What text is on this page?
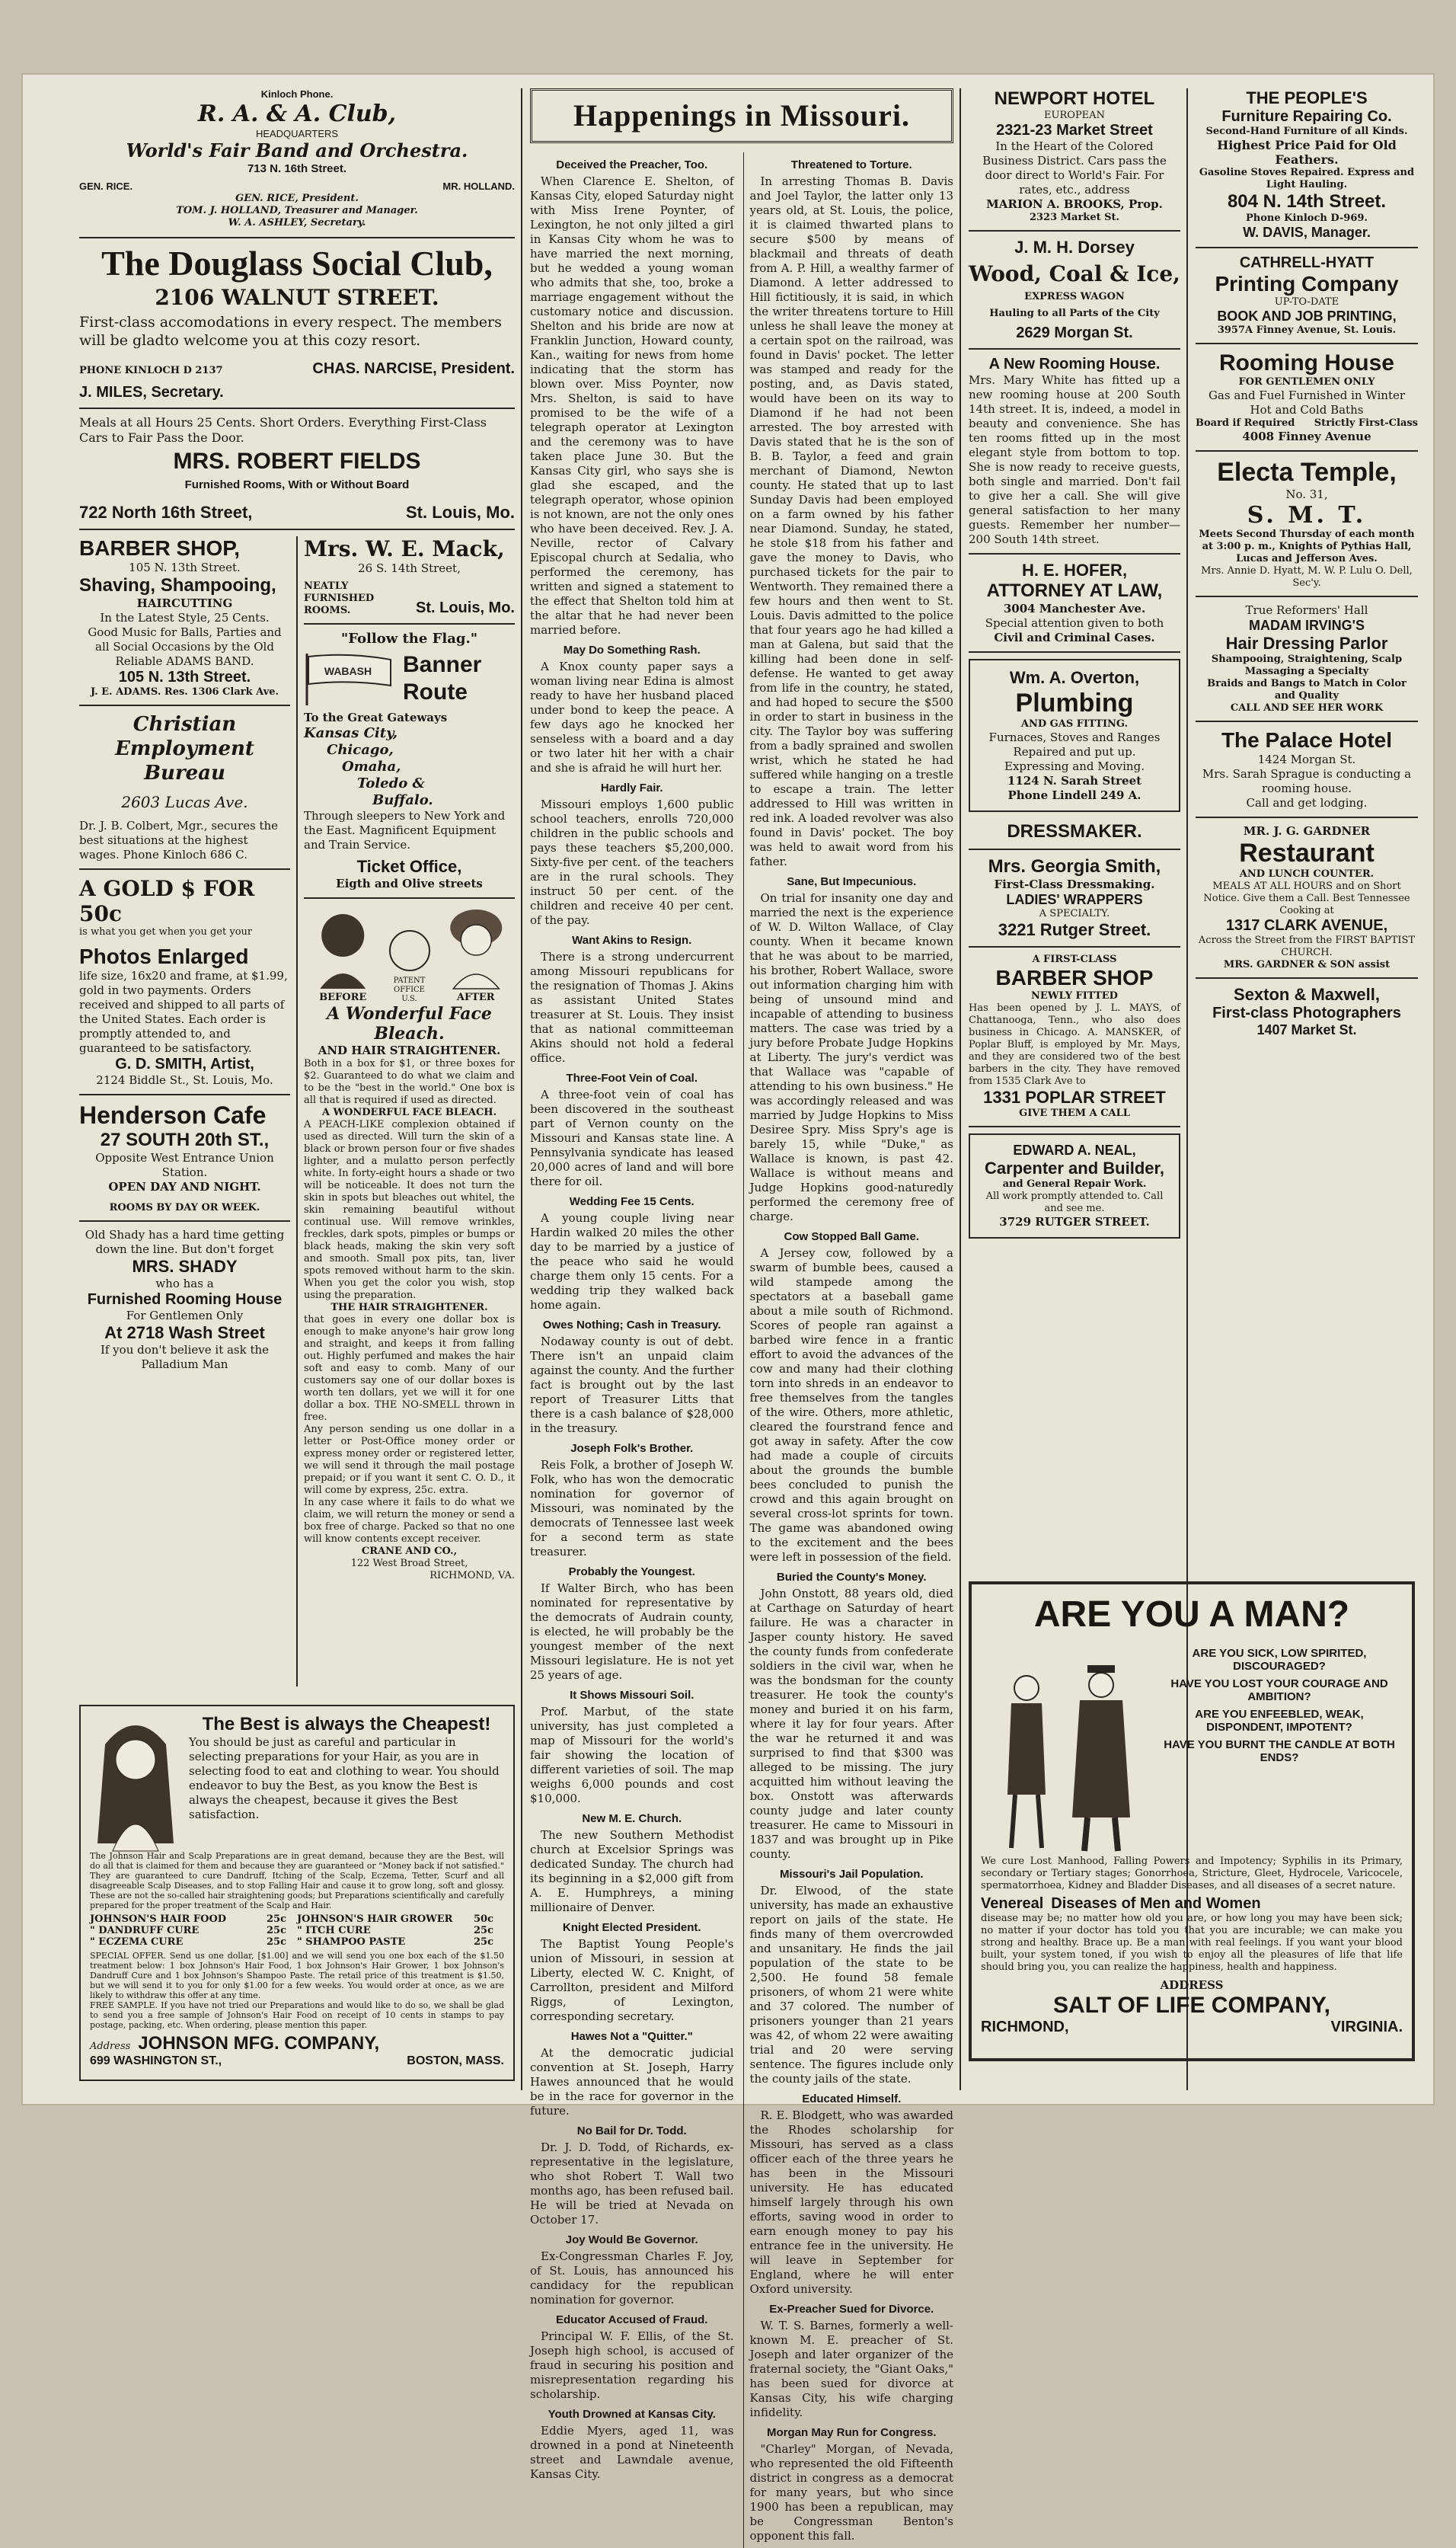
Kinloch Phone.
R. A. & A. Club,
HEADQUARTERS
World's Fair Band and Orchestra.
713 N. 16th Street.
GEN. RICE.	MR. HOLLAND.
GEN. RICE, President.
TOM. J. HOLLAND, Treasurer and Manager.
W. A. ASHLEY, Secretary.
The Douglass Social Club,
2106 WALNUT STREET.
First-class accomodations in every respect. The members will be gladto welcome you at this cozy resort.
PHONE KINLOCH D 2137	CHAS. NARCISE, President.
J. MILES, Secretary.
Meals at all Hours 25 Cents. Short Orders. Everything First-Class Cars to Fair Pass the Door.
MRS. ROBERT FIELDS
Furnished Rooms, With or Without Board
722 North 16th Street,	St. Louis, Mo.
BARBER SHOP,
105 N. 13th Street.
Shaving, Shampooing,
HAIRCUTTING
In the Latest Style, 25 Cents.
Good Music for Balls, Parties and all Social Occasions by the Old Reliable ADAMS BAND.
105 N. 13th Street.
J. E. ADAMS. Res. 1306 Clark Ave.
Christian Employment Bureau
2603 Lucas Ave.
Dr. J. B. Colbert, Mgr., secures the best situations at the highest wages. Phone Kinloch 686 C.
A GOLD $ FOR 50c
is what you get when you get your
Photos Enlarged
life size, 16x20 and frame, at $1.99, gold in two payments. Orders received and shipped to all parts of the United States. Each order is promptly attended to, and guaranteed to be satisfactory.
G. D. SMITH, Artist,
2124 Biddle St., St. Louis, Mo.
Henderson Cafe
27 SOUTH 20th ST.,
Opposite West Entrance Union Station.
OPEN DAY AND NIGHT.
ROOMS BY DAY OR WEEK.
Old Shady has a hard time getting down the line. But don't forget
MRS. SHADY
who has a
Furnished Rooming House
For Gentlemen Only
At 2718 Wash Street
If you don't believe it ask the Palladium Man
Mrs. W. E. Mack,
26 S. 14th Street,
NEATLY FURNISHED ROOMS.	St. Louis, Mo.
"Follow the Flag."
WABASH Banner Route
To the Great Gateways
Kansas City,
Chicago,
Omaha,
Toledo &
Buffalo.
Through sleepers to New York and the East. Magnificent Equipment and Train Service.
Ticket Office,
Eigth and Olive streets
BEFORE
PATENT OFFICE U.S.	AFTER
A Wonderful Face Bleach.
AND HAIR STRAIGHTENER.
Both in a box for $1, or three boxes for $2. Guaranteed to do what we claim and to be the "best in the world." One box is all that is required if used as directed.
A WONDERFUL FACE BLEACH.
A PEACH-LIKE complexion obtained if used as directed. Will turn the skin of a black or brown person four or five shades lighter, and a mulatto person perfectly white. In forty-eight hours a shade or two will be noticeable. It does not turn the skin in spots but bleaches out whitel, the skin remaining beautiful without continual use. Will remove wrinkles, freckles, dark spots, pimples or bumps or black heads, making the skin very soft and smooth. Small pox pits, tan, liver spots removed without harm to the skin. When you get the color you wish, stop using the preparation.
THE HAIR STRAIGHTENER.
that goes in every one dollar box is enough to make anyone's hair grow long and straight, and keeps it from falling out. Highly perfumed and makes the hair soft and easy to comb. Many of our customers say one of our dollar boxes is worth ten dollars, yet we will it for one dollar a box. THE NO-SMELL thrown in free.
Any person sending us one dollar in a letter or Post-Office money order or express money order or registered letter, we will send it through the mail postage prepaid; or if you want it sent C. O. D., it will come by express, 25c. extra.
In any case where it fails to do what we claim, we will return the money or send a box free of charge. Packed so that no one will know contents except receiver.
CRANE AND CO.,
122 West Broad Street,
RICHMOND, VA.
The Best is always the Cheapest!
You should be just as careful and particular in selecting preparations for your Hair, as you are in selecting food to eat and clothing to wear. You should endeavor to buy the Best, as you know the Best is always the cheapest, because it gives the Best satisfaction.
The Johnson Hair and Scalp Preparations are in great demand, because they are the Best, will do all that is claimed for them and because they are guaranteed or "Money back if not satisfied." They are guaranteed to cure Dandruff, Itching of the Scalp, Eczema, Tetter, Scurf and all disagreeable Scalp Diseases, and to stop Falling Hair and cause it to grow long, soft and glossy. These are not the so-called hair straightening goods; but Preparations scientifically and carefully prepared for the proper treatment of the Scalp and Hair.
JOHNSON'S HAIR FOOD	25c	JOHNSON'S HAIR GROWER	50c
" DANDRUFF CURE	25c	" ITCH CURE	25c
" ECZEMA CURE	25c	" SHAMPOO PASTE	25c
SPECIAL OFFER. Send us one dollar, [$1.00] and we will send you one box each of the $1.50 treatment below: 1 box Johnson's Hair Food, 1 box Johnson's Hair Grower, 1 box Johnson's Dandruff Cure and 1 box Johnson's Shampoo Paste. The retail price of this treatment is $1.50, but we will send it to you for only $1.00 for a few weeks. You would order at once, as we are likely to withdraw this offer at any time.
FREE SAMPLE. If you have not tried our Preparations and would like to do so, we shall be glad to send you a free sample of Johnson's Hair Food on receipt of 10 cents in stamps to pay postage, packing, etc. When ordering, please mention this paper.
Address JOHNSON MFG. COMPANY,
699 WASHINGTON ST.,	BOSTON, MASS.
Happenings in Missouri.
Deceived the Preacher, Too.

When Clarence E. Shelton, of Kansas City, eloped Saturday night with Miss Irene Poynter, of Lexington, he not only jilted a girl in Kansas City whom he was to have married the next morning, but he wedded a young woman who admits that she, too, broke a marriage engagement without the customary notice and discussion. Shelton and his bride are now at Franklin Junction, Howard county, Kan., waiting for news from home indicating that the storm has blown over. Miss Poynter, now Mrs. Shelton, is said to have promised to be the wife of a telegraph operator at Lexington and the ceremony was to have taken place June 30. But the Kansas City girl, who says she is glad she escaped, and the telegraph operator, whose opinion is not known, are not the only ones who have been deceived. Rev. J. A. Neville, rector of Calvary Episcopal church at Sedalia, who performed the ceremony, has written and signed a statement to the effect that Shelton told him at the altar that he had never been married before.

May Do Something Rash.

A Knox county paper says a woman living near Edina is almost ready to have her husband placed under bond to keep the peace. A few days ago he knocked her senseless with a board and a day or two later hit her with a chair and she is afraid he will hurt her.

Hardly Fair.

Missouri employs 1,600 public school teachers, enrolls 720,000 children in the public schools and pays these teachers $5,200,000. Sixty-five per cent. of the teachers are in the rural schools. They instruct 50 per cent. of the children and receive 40 per cent. of the pay.

Want Akins to Resign.

There is a strong undercurrent among Missouri republicans for the resignation of Thomas J. Akins as assistant United States treasurer at St. Louis. They insist that as national committeeman Akins should not hold a federal office.

Three-Foot Vein of Coal.

A three-foot vein of coal has been discovered in the southeast part of Vernon county on the Missouri and Kansas state line. A Pennsylvania syndicate has leased 20,000 acres of land and will bore there for oil.

Wedding Fee 15 Cents.

A young couple living near Hardin walked 20 miles the other day to be married by a justice of the peace who said he would charge them only 15 cents. For a wedding trip they walked back home again.

Owes Nothing; Cash in Treasury.

Nodaway county is out of debt. There isn't an unpaid claim against the county. And the further fact is brought out by the last report of Treasurer Litts that there is a cash balance of $28,000 in the treasury.

Joseph Folk's Brother.

Reis Folk, a brother of Joseph W. Folk, who has won the democratic nomination for governor of Missouri, was nominated by the democrats of Tennessee last week for a second term as state treasurer.

Probably the Youngest.

If Walter Birch, who has been nominated for representative by the democrats of Audrain county, is elected, he will probably be the youngest member of the next Missouri legislature. He is not yet 25 years of age.

It Shows Missouri Soil.

Prof. Marbut, of the state university, has just completed a map of Missouri for the world's fair showing the location of different varieties of soil. The map weighs 6,000 pounds and cost $10,000.

New M. E. Church.

The new Southern Methodist church at Excelsior Springs was dedicated Sunday. The church had its beginning in a $2,000 gift from A. E. Humphreys, a mining millionaire of Denver.

Knight Elected President.

The Baptist Young People's union of Missouri, in session at Liberty, elected W. C. Knight, of Carrollton, president and Milford Riggs, of Lexington, corresponding secretary.

Hawes Not a "Quitter."

At the democratic judicial convention at St. Joseph, Harry Hawes announced that he would be in the race for governor in the future.

No Bail for Dr. Todd.

Dr. J. D. Todd, of Richards, ex-representative in the legislature, who shot Robert T. Wall two months ago, has been refused bail. He will be tried at Nevada on October 17.

Joy Would Be Governor.

Ex-Congressman Charles F. Joy, of St. Louis, has announced his candidacy for the republican nomination for governor.

Educator Accused of Fraud.

Principal W. F. Ellis, of the St. Joseph high school, is accused of fraud in securing his position and misrepresentation regarding his scholarship.

Youth Drowned at Kansas City.

Eddie Myers, aged 11, was drowned in a pond at Nineteenth street and Lawndale avenue, Kansas City.

Threatened to Torture.

In arresting Thomas B. Davis and Joel Taylor, the latter only 13 years old, at St. Louis, the police, it is claimed thwarted plans to secure $500 by means of blackmail and threats of death from A. P. Hill, a wealthy farmer of Diamond. A letter addressed to Hill fictitiously, it is said, in which the writer threatens torture to Hill unless he shall leave the money at a certain spot on the railroad, was found in Davis' pocket. The letter was stamped and ready for the posting, and, as Davis stated, would have been on its way to Diamond if he had not been arrested. The boy arrested with Davis stated that he is the son of B. B. Taylor, a feed and grain merchant of Diamond, Newton county. He stated that up to last Sunday Davis had been employed on a farm owned by his father near Diamond. Sunday, he stated, he stole $18 from his father and gave the money to Davis, who purchased tickets for the pair to Wentworth. They remained there a few hours and then went to St. Louis. Davis admitted to the police that four years ago he had killed a man at Galena, but said that the killing had been done in self-defense. He wanted to get away from life in the country, he stated, and had hoped to secure the $500 in order to start in business in the city. The Taylor boy was suffering from a badly sprained and swollen wrist, which he stated he had suffered while hanging on a trestle to escape a train. The letter addressed to Hill was written in red ink. A loaded revolver was also found in Davis' pocket. The boy was held to await word from his father.

Sane, But Impecunious.

On trial for insanity one day and married the next is the experience of W. D. Wilton Wallace, of Clay county. When it became known that he was about to be married, his brother, Robert Wallace, swore out information charging him with being of unsound mind and incapable of attending to business matters. The case was tried by a jury before Probate Judge Hopkins at Liberty. The jury's verdict was that Wallace was "capable of attending to his own business." He was accordingly released and was married by Judge Hopkins to Miss Desiree Spry. Miss Spry's age is barely 15, while "Duke," as Wallace is known, is past 42. Wallace is without means and Judge Hopkins good-naturedly performed the ceremony free of charge.

Cow Stopped Ball Game.

A Jersey cow, followed by a swarm of bumble bees, caused a wild stampede among the spectators at a baseball game about a mile south of Richmond. Scores of people ran against a barbed wire fence in a frantic effort to avoid the advances of the cow and many had their clothing torn into shreds in an endeavor to free themselves from the tangles of the wire. Others, more athletic, cleared the fourstrand fence and got away in safety. After the cow had made a couple of circuits about the grounds the bumble bees concluded to punish the crowd and this again brought on several cross-lot sprints for town. The game was abandoned owing to the excitement and the bees were left in possession of the field.

Buried the County's Money.

John Onstott, 88 years old, died at Carthage on Saturday of heart failure. He was a character in Jasper county history. He saved the county funds from confederate soldiers in the civil war, when he was the bondsman for the county treasurer. He took the county's money and buried it on his farm, where it lay for four years. After the war he returned it and was surprised to find that $300 was alleged to be missing. The jury acquitted him without leaving the box. Onstott was afterwards county judge and later county treasurer. He came to Missouri in 1837 and was brought up in Pike county.

Missouri's Jail Population.

Dr. Elwood, of the state university, has made an exhaustive report on jails of the state. He finds many of them overcrowded and unsanitary. He finds the jail population of the state to be 2,500. He found 58 female prisoners, of whom 21 were white and 37 colored. The number of prisoners younger than 21 years was 42, of whom 22 were awaiting trial and 20 were serving sentence. The figures include only the county jails of the state.

Educated Himself.

R. E. Blodgett, who was awarded the Rhodes scholarship for Missouri, has served as a class officer each of the three years he has been in the Missouri university. He has educated himself largely through his own efforts, saving wood in order to earn enough money to pay his entrance fee in the university. He will leave in September for England, where he will enter Oxford university.

Ex-Preacher Sued for Divorce.

W. T. S. Barnes, formerly a well-known M. E. preacher of St. Joseph and later organizer of the fraternal society, the "Giant Oaks," has been sued for divorce at Kansas City, his wife charging infidelity.

Morgan May Run for Congress.

"Charley" Morgan, of Nevada, who represented the old Fifteenth district in congress as a democrat for many years, but who since 1900 has been a republican, may be Congressman Benton's opponent this fall.

NEWPORT HOTEL
EUROPEAN
2321-23 Market Street
In the Heart of the Colored Business District. Cars pass the door direct to World's Fair. For rates, etc., address
MARION A. BROOKS, Prop.
2323 Market St.
J. M. H. Dorsey
Wood, Coal & Ice,
EXPRESS WAGON
Hauling to all Parts of the City
2629 Morgan St.
A New Rooming House.
Mrs. Mary White has fitted up a new rooming house at 200 South 14th street. It is, indeed, a model in beauty and convenience. She has ten rooms fitted up in the most elegant style from bottom to top. She is now ready to receive guests, both single and married. Don't fail to give her a call. She will give general satisfaction to her many guests. Remember her number—200 South 14th street.
H. E. HOFER,
ATTORNEY AT LAW,
3004 Manchester Ave.
Special attention given to both
Civil and Criminal Cases.
Wm. A. Overton,
Plumbing
AND GAS FITTING.
Furnaces, Stoves and Ranges Repaired and put up. Expressing and Moving.
1124 N. Sarah Street
Phone Lindell 249 A.
DRESSMAKER.
Mrs. Georgia Smith,
First-Class Dressmaking.
LADIES' WRAPPERS
A SPECIALTY.
3221 Rutger Street.
A FIRST-CLASS
BARBER SHOP
NEWLY FITTED
Has been opened by J. L. MAYS, of Chattanooga, Tenn., who also does business in Chicago. A. MANSKER, of Poplar Bluff, is employed by Mr. Mays, and they are considered two of the best barbers in the city. They have removed from 1535 Clark Ave to
1331 POPLAR STREET
GIVE THEM A CALL
EDWARD A. NEAL,
Carpenter and Builder,
and General Repair Work.
All work promptly attended to. Call and see me.
3729 RUTGER STREET.
THE PEOPLE'S
Furniture Repairing Co.
Second-Hand Furniture of all Kinds.
Highest Price Paid for Old Feathers.
Gasoline Stoves Repaired. Express and Light Hauling.
804 N. 14th Street.
Phone Kinloch D-969.
W. DAVIS, Manager.
CATHRELL-HYATT
Printing Company
UP-TO-DATE
BOOK AND JOB PRINTING,
3957A Finney Avenue, St. Louis.
Rooming House
FOR GENTLEMEN ONLY
Gas and Fuel Furnished in Winter
Hot and Cold Baths
Board if Required Strictly First-Class
4008 Finney Avenue
Electa Temple,
No. 31,
S. M. T.
Meets Second Thursday of each month at 3:00 p. m., Knights of Pythias Hall, Lucas and Jefferson Aves.
Mrs. Annie D. Hyatt, M. W. P. Lulu O. Dell, Sec'y.
True Reformers' Hall
MADAM IRVING'S
Hair Dressing Parlor
Shampooing, Straightening, Scalp Massaging a Specialty
Braids and Bangs to Match in Color and Quality
CALL AND SEE HER WORK
The Palace Hotel
1424 Morgan St.
Mrs. Sarah Sprague is conducting a rooming house.
Call and get lodging.
MR. J. G. GARDNER
Restaurant
AND LUNCH COUNTER.
MEALS AT ALL HOURS and on Short Notice. Give them a Call. Best Tennessee Cooking at
1317 CLARK AVENUE,
Across the Street from the FIRST BAPTIST CHURCH.
MRS. GARDNER & SON assist
Sexton & Maxwell,
First-class Photographers
1407 Market St.
ARE YOU A MAN?
ARE YOU SICK, LOW SPIRITED, DISCOURAGED?
HAVE YOU LOST YOUR COURAGE AND AMBITION?
ARE YOU ENFEEBLED, WEAK, DISPONDENT, IMPOTENT?
HAVE YOU BURNT THE CANDLE AT BOTH ENDS?
We cure Lost Manhood, Falling Powers and Impotency; Syphilis in its Primary, secondary or Tertiary stages; Gonorrhoea, Stricture, Gleet, Hydrocele, Varicocele, spermatorrhoea, Kidney and Bladder Diseases, and all diseases of a secret nature.
Venereal Diseases of Men and Women
disease may be; no matter how old you are, or how long you may have been sick; no matter if your doctor has told you that you are incurable; we can make you strong and healthy. Brace up. Be a man with real feelings. If you want your blood built, your system toned, if you wish to enjoy all the pleasures of life that life should bring you, you can realize the happiness, health and happiness.
ADDRESS
SALT OF LIFE COMPANY,
RICHMOND,	VIRGINIA.
